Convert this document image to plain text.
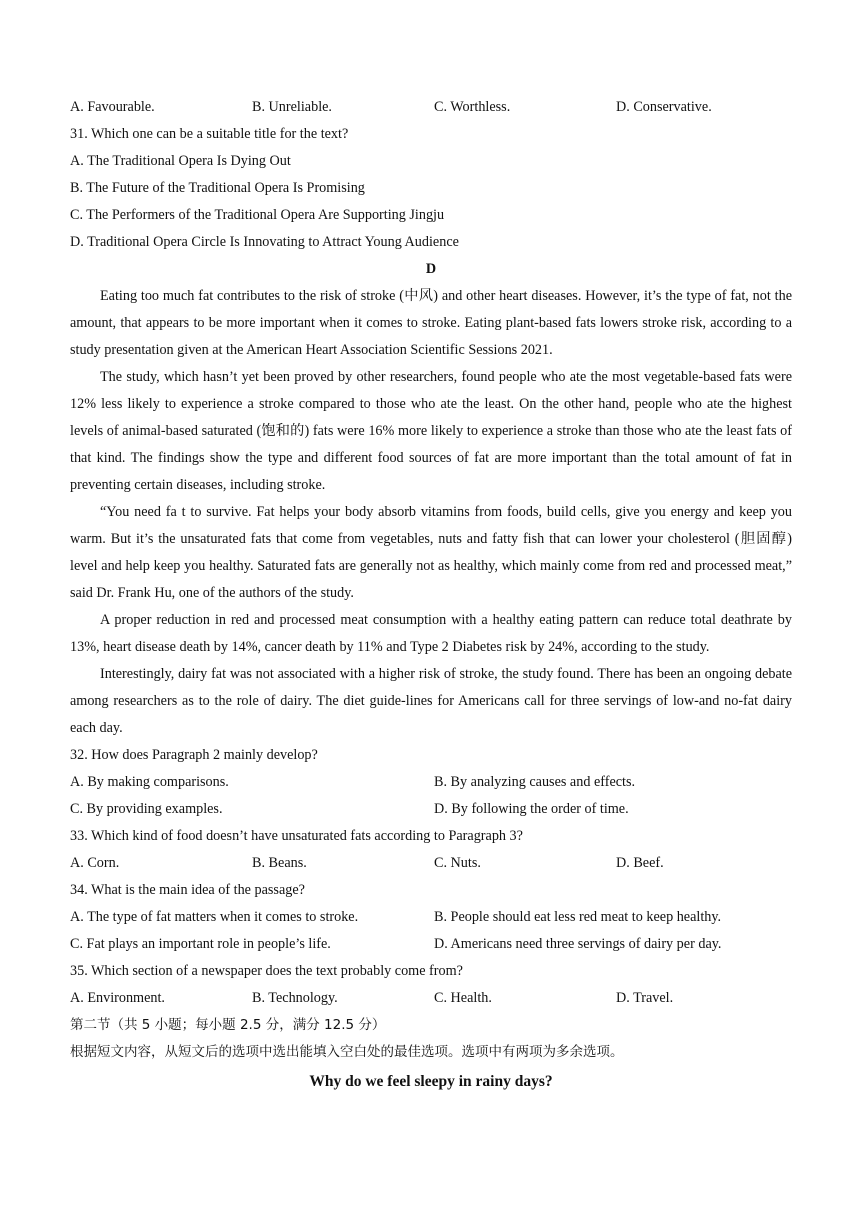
A. Favourable.	B. Unreliable.	C. Worthless.	D. Conservative.
31. Which one can be a suitable title for the text?
A. The Traditional Opera Is Dying Out
B. The Future of the Traditional Opera Is Promising
C. The Performers of the Traditional Opera Are Supporting Jingju
D. Traditional Opera Circle Is Innovating to Attract Young Audience
D

Eating too much fat contributes to the risk of stroke (中风) and other heart diseases. However, it’s the type of fat, not the amount, that appears to be more important when it comes to stroke. Eating plant-based fats lowers stroke risk, according to a study presentation given at the American Heart Association Scientific Sessions 2021.

The study, which hasn’t yet been proved by other researchers, found people who ate the most vegetable-based fats were 12% less likely to experience a stroke compared to those who ate the least. On the other hand, people who ate the highest levels of animal-based saturated (饱和的) fats were 16% more likely to experience a stroke than those who ate the least fats of that kind. The findings show the type and different food sources of fat are more important than the total amount of fat in preventing certain diseases, including stroke.

“You need fa t to survive. Fat helps your body absorb vitamins from foods, build cells, give you energy and keep you warm. But it’s the unsaturated fats that come from vegetables, nuts and fatty fish that can lower your cholesterol (胆固醇) level and help keep you healthy. Saturated fats are generally not as healthy, which mainly come from red and processed meat,” said Dr. Frank Hu, one of the authors of the study.

A proper reduction in red and processed meat consumption with a healthy eating pattern can reduce total deathrate by 13%, heart disease death by 14%, cancer death by 11% and Type 2 Diabetes risk by 24%, according to the study.

Interestingly, dairy fat was not associated with a higher risk of stroke, the study found. There has been an ongoing debate among researchers as to the role of dairy. The diet guide-lines for Americans call for three servings of low-and no-fat dairy each day.

32. How does Paragraph 2 mainly develop?
A. By making comparisons.	B. By analyzing causes and effects.
C. By providing examples.	D. By following the order of time.
33. Which kind of food doesn’t have unsaturated fats according to Paragraph 3?
A. Corn.	B. Beans.	C. Nuts.	D. Beef.
34. What is the main idea of the passage?
A. The type of fat matters when it comes to stroke.	B. People should eat less red meat to keep healthy.
C. Fat plays an important role in people’s life.	D. Americans need three servings of dairy per day.
35. Which section of a newspaper does the text probably come from?
A. Environment.	B. Technology.	C. Health.	D. Travel.
第二节（共 5 小题；每小题 2.5 分，满分 12.5 分）
根据短文内容，从短文后的选项中选出能填入空白处的最佳选项。选项中有两项为多余选项。
Why do we feel sleepy in rainy days?
